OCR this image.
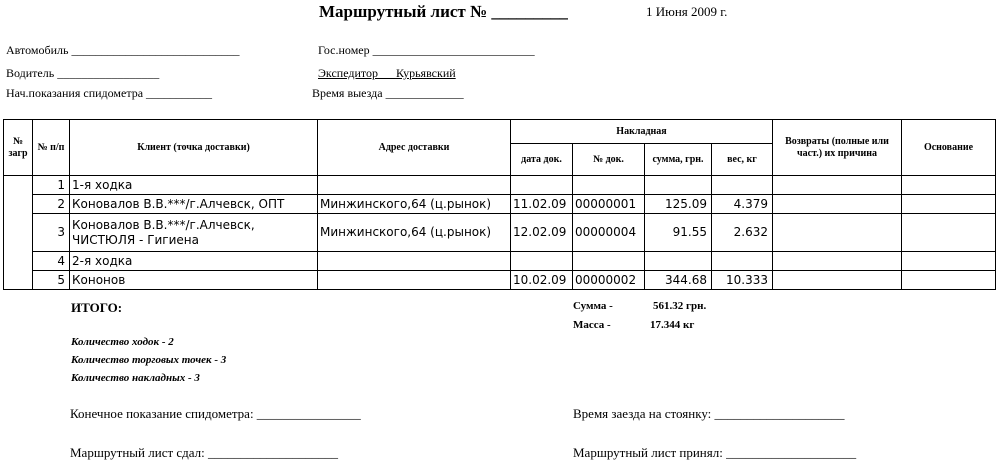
Маршрутный лист № _________	1 Июня 2009 г.
Автомобиль ____________________________	Гос.номер ___________________________
Водитель _________________	Экспедитор Курьявский
Нач.показания спидометра ___________	Время выезда _____________
№ загр	№ п/п	Клиент (точка доставки)	Адрес доставки	Накладная				Возвраты (полные или част.) их причина	Основание
				дата док.	№ док.	сумма, грн.	вес, кг		
	1	1-я ходка							
	2	Коновалов В.В.***/г.Алчевск, ОПТ	Минжинского,64 (ц.рынок)	11.02.09	00000001	125.09	4.379		
	3	Коновалов В.В.***/г.Алчевск, ЧИСТЮЛЯ - Гигиена	Минжинского,64 (ц.рынок)	12.02.09	00000004	91.55	2.632		
	4	2-я ходка							
	5	Кононов		10.02.09	00000002	344.68	10.333		
ИТОГО:	Сумма -	561.32 грн.
Масса -	17.344 кг
Количество ходок - 2
Количество торговых точек - 3
Количество накладных - 3
Конечное показание спидометра: ________________	Время заезда на стоянку: ____________________
Маршрутный лист сдал: ____________________	Маршрутный лист принял: ____________________
